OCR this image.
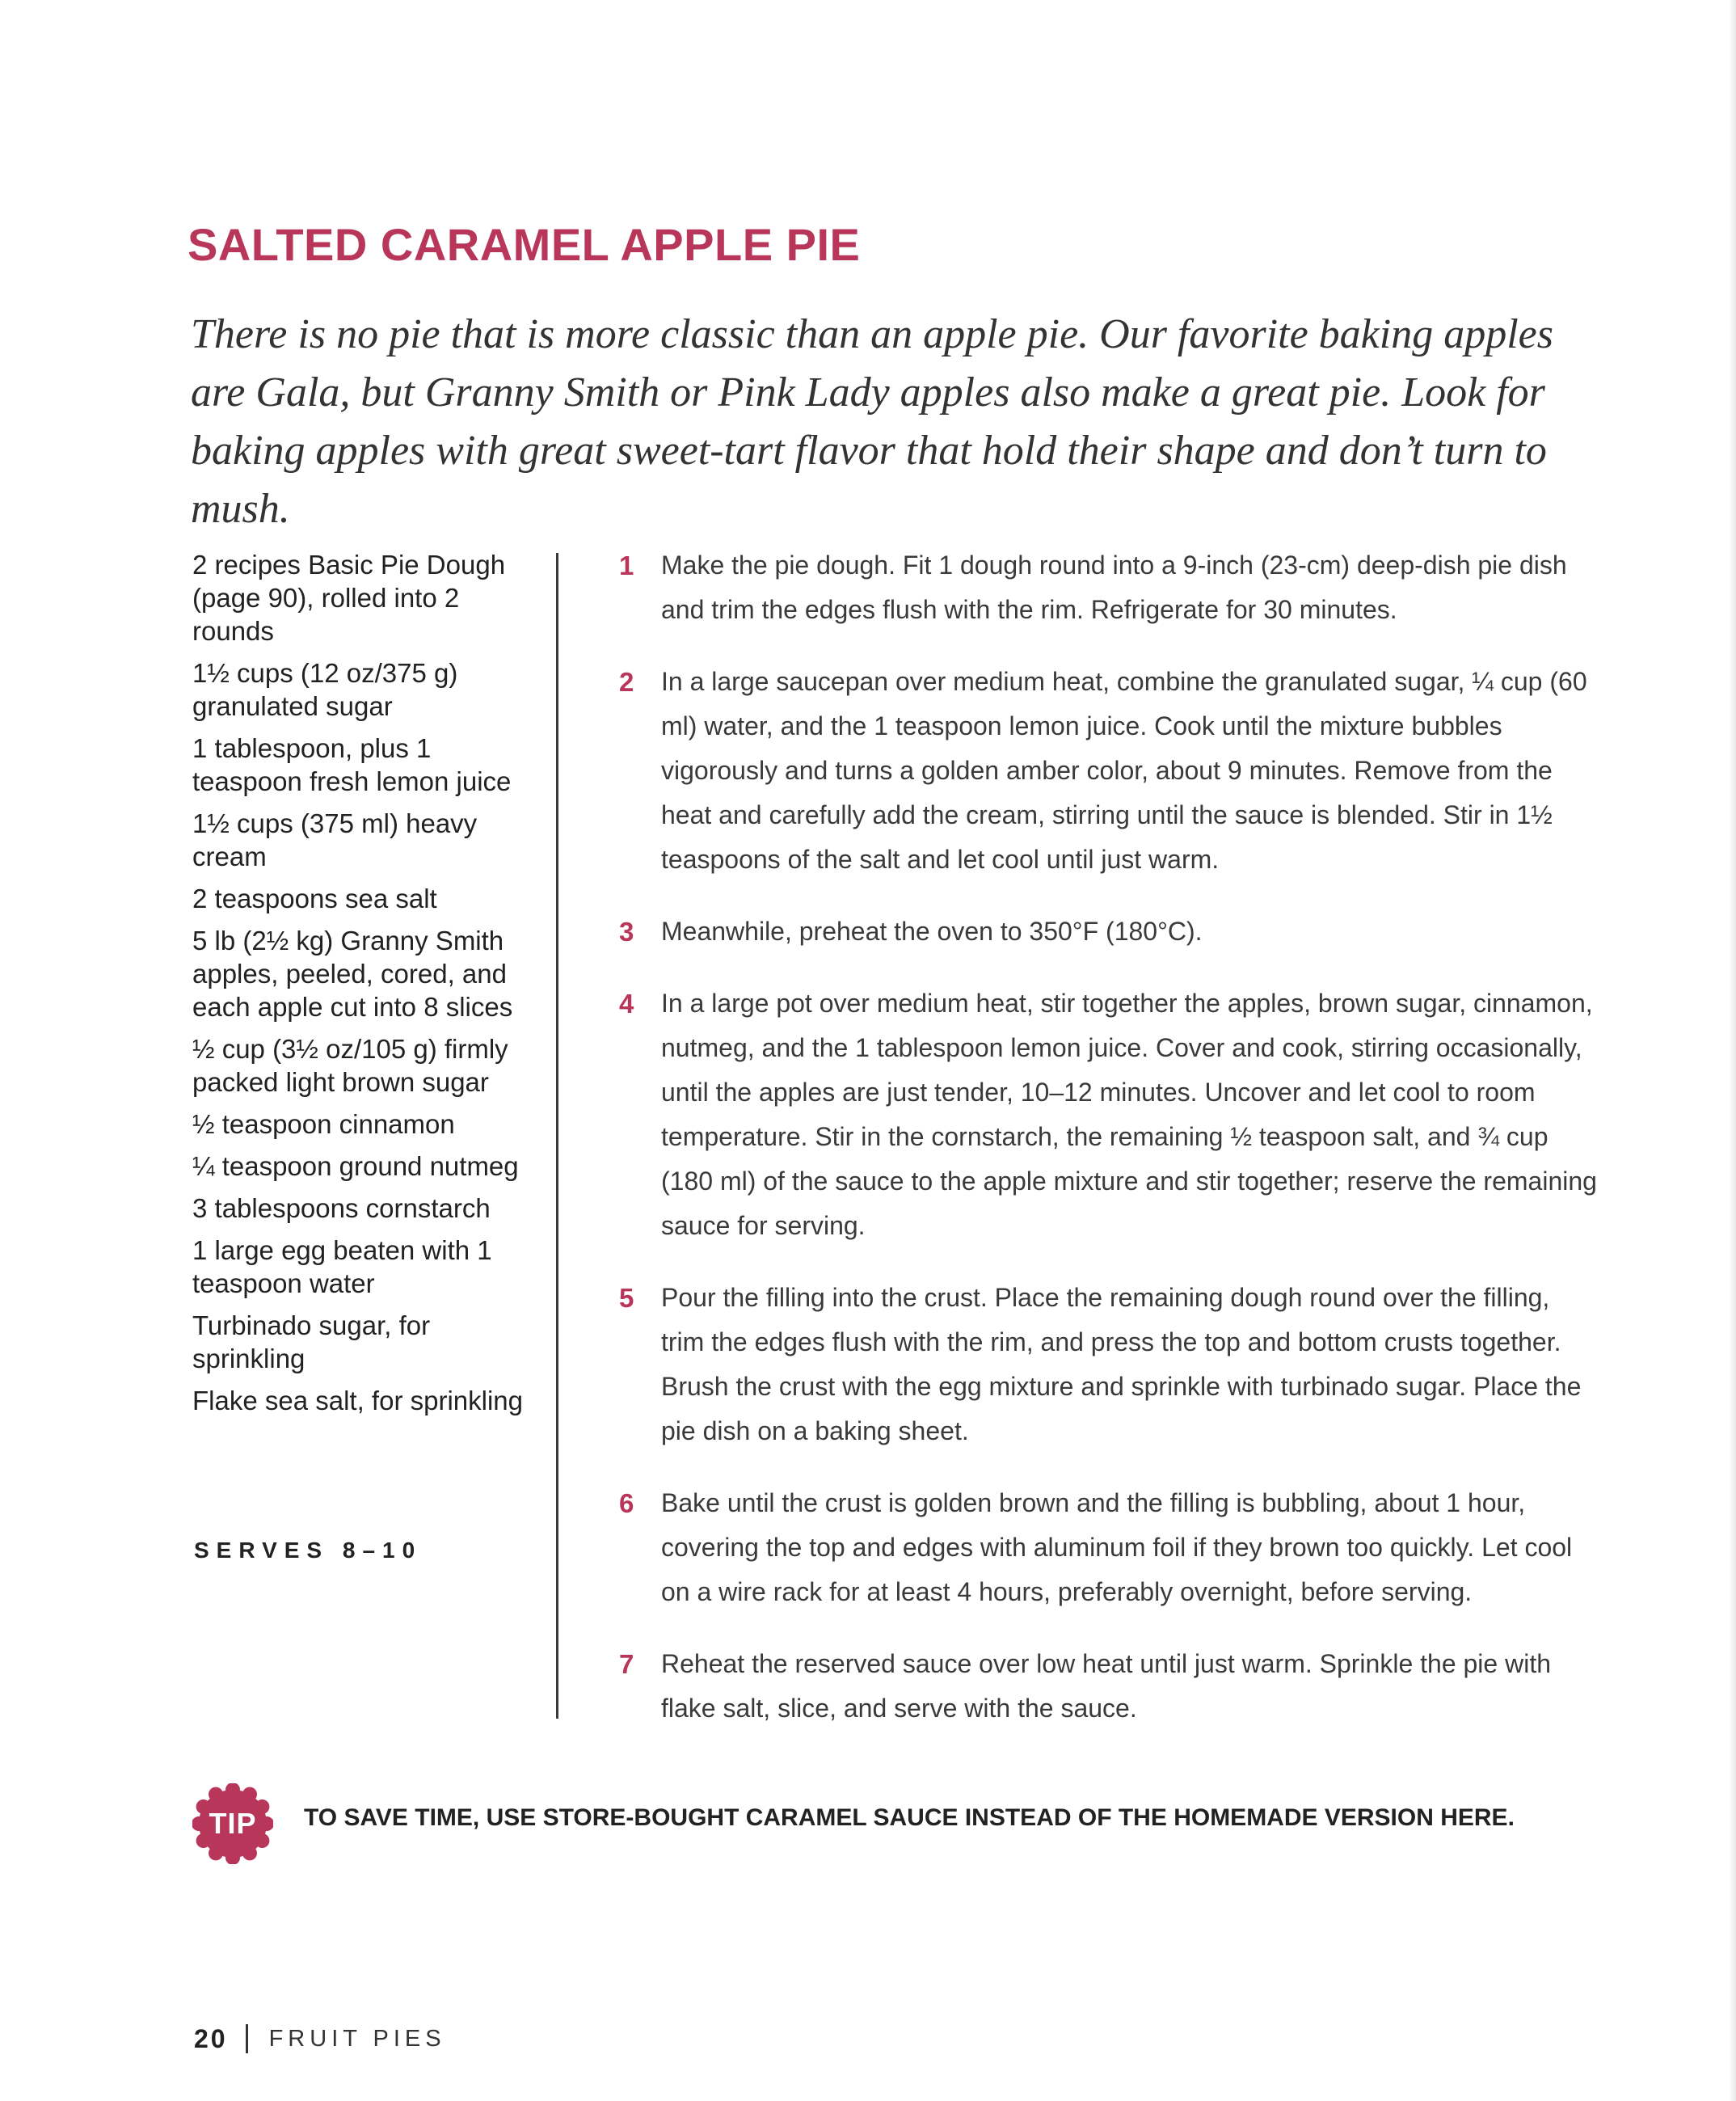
SALTED CARAMEL APPLE PIE

There is no pie that is more classic than an apple pie. Our favorite baking apples are Gala, but Granny Smith or Pink Lady apples also make a great pie. Look for baking apples with great sweet-tart flavor that hold their shape and don’t turn to mush.

2 recipes Basic Pie Dough (page 90), rolled into 2 rounds
1½ cups (12 oz/375 g) granulated sugar
1 tablespoon, plus 1 teaspoon fresh lemon juice
1½ cups (375 ml) heavy cream
2 teaspoons sea salt
5 lb (2½ kg) Granny Smith apples, peeled, cored, and each apple cut into 8 slices
½ cup (3½ oz/105 g) firmly packed light brown sugar
½ teaspoon cinnamon
¼ teaspoon ground nutmeg
3 tablespoons cornstarch
1 large egg beaten with 1 teaspoon water
Turbinado sugar, for sprinkling
Flake sea salt, for sprinkling

SERVES 8–10

1 Make the pie dough. Fit 1 dough round into a 9-inch (23-cm) deep-dish pie dish and trim the edges flush with the rim. Refrigerate for 30 minutes.
2 In a large saucepan over medium heat, combine the granulated sugar, ¼ cup (60 ml) water, and the 1 teaspoon lemon juice. Cook until the mixture bubbles vigorously and turns a golden amber color, about 9 minutes. Remove from the heat and carefully add the cream, stirring until the sauce is blended. Stir in 1½ teaspoons of the salt and let cool until just warm.
3 Meanwhile, preheat the oven to 350°F (180°C).
4 In a large pot over medium heat, stir together the apples, brown sugar, cinnamon, nutmeg, and the 1 tablespoon lemon juice. Cover and cook, stirring occasionally, until the apples are just tender, 10–12 minutes. Uncover and let cool to room temperature. Stir in the cornstarch, the remaining ½ teaspoon salt, and ¾ cup (180 ml) of the sauce to the apple mixture and stir together; reserve the remaining sauce for serving.
5 Pour the filling into the crust. Place the remaining dough round over the filling, trim the edges flush with the rim, and press the top and bottom crusts together. Brush the crust with the egg mixture and sprinkle with turbinado sugar. Place the pie dish on a baking sheet.
6 Bake until the crust is golden brown and the filling is bubbling, about 1 hour, covering the top and edges with aluminum foil if they brown too quickly. Let cool on a wire rack for at least 4 hours, preferably overnight, before serving.
7 Reheat the reserved sauce over low heat until just warm. Sprinkle the pie with flake salt, slice, and serve with the sauce.
TIP	TO SAVE TIME, USE STORE-BOUGHT CARAMEL SAUCE INSTEAD OF THE HOMEMADE VERSION HERE.

20 FRUIT PIES
